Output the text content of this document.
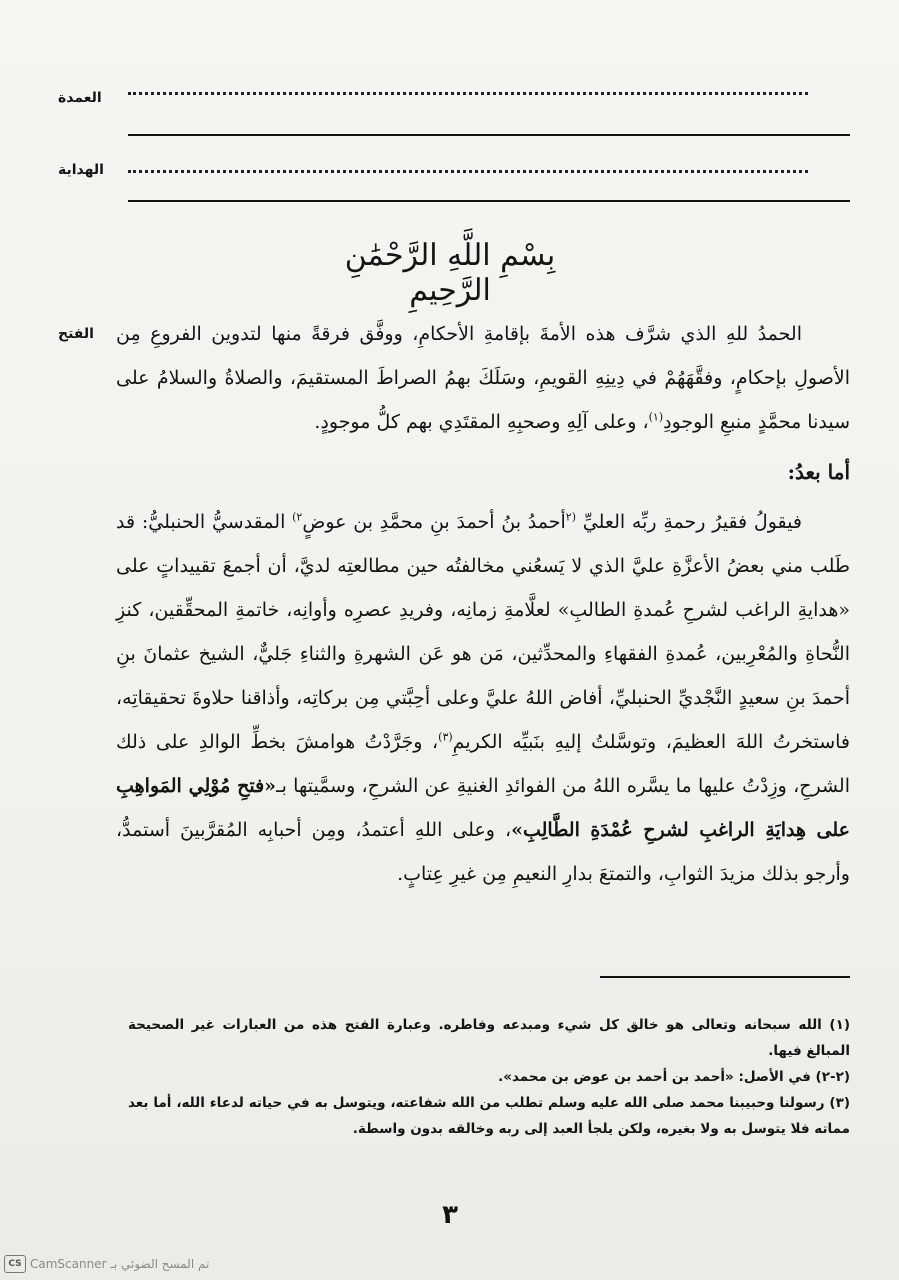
العمدة
الهداية
بِسْمِ اللَّهِ الرَّحْمَٰنِ الرَّحِيمِ
الفتح	الحمدُ للهِ الذي شرَّف هذه الأمةَ بإقامةِ الأحكامِ، ووفَّق فرقةً منها لتدوين الفروعِ مِن الأصولِ بإحكامٍ، وفقَّهَهُمْ في دِينِهِ القويمِ، وسَلَكَ بهمُ الصراطَ المستقيمَ، والصلاةُ والسلامُ على سيدنا محمَّدٍ منبعِ الوجودِ$^{(١)}$، وعلى آلِهِ وصحبِهِ المقتَدِي بهم كلُّ موجودٍ.

أما بعدُ:

فيقولُ فقيرُ رحمةِ ربِّه العليِّ $^{(٢}$أحمدُ بنُ أحمدَ بنِ محمَّدِ بن عوضٍ$^{٢)}$ المقدسيُّ الحنبليُّ: قد طَلب مني بعضُ الأعزَّةِ عليَّ الذي لا يَسعُني مخالفتُه حين مطالعتِه لديَّ، أن أجمعَ تقييداتٍ على «هدايةِ الراغب لشرحِ عُمدةِ الطالبِ» لعلَّامةِ زمانِه، وفريدِ عصرِه وأوانِه، خاتمةِ المحقِّقين، كنزِ النُّحاةِ والمُعْرِبين، عُمدةِ الفقهاءِ والمحدِّثين، مَن هو عَن الشهرةِ والثناءِ جَليٌّ، الشيخ عثمانَ بنِ أحمدَ بنِ سعيدٍ النَّجْديِّ الحنبليِّ، أفاض اللهُ عليَّ وعلى أحِبَّتي مِن بركاتِه، وأذاقنا حلاوةَ تحقيقاتِه، فاستخرتُ اللهَ العظيمَ، وتوسَّلتُ إليهِ بنَبيِّه الكريمِ$^{(٣)}$، وجَرَّدْتُ هوامشَ بخطِّ الوالدِ على ذلك الشرحِ، وزِدْتُ عليها ما يسَّره اللهُ من الفوائدِ الغنيةِ عن الشرحِ، وسمَّيتها بـ«فتحِ مُوْلِي المَواهِبِ على هِدايَةِ الراغبِ لشرحِ عُمْدَةِ الطَّالِبِ»، وعلى اللهِ أعتمدُ، ومِن أحبابِه المُقرَّبينَ أستمدُّ، وأرجو بذلك مزيدَ الثوابِ، والتمتعَ بدارِ النعيمِ مِن غيرِ عِتابٍ.

(١) الله سبحانه وتعالى هو خالق كل شيء ومبدعه وفاطره. وعبارة الفتح هذه من العبارات غير الصحيحة المبالغ فيها.

(٢-٢) في الأصل: «أحمد بن أحمد بن عوض بن محمد».

(٣) رسولنا وحبيبنا محمد صلى الله عليه وسلم تطلب من الله شفاعته، ويتوسل به في حياته لدعاء الله، أما بعد مماته فلا يتوسل به ولا بغيره، ولكن يلجأ العبد إلى ربه وخالقه بدون واسطة.

٣
CS تم المسح الضوئي بـ CamScanner
